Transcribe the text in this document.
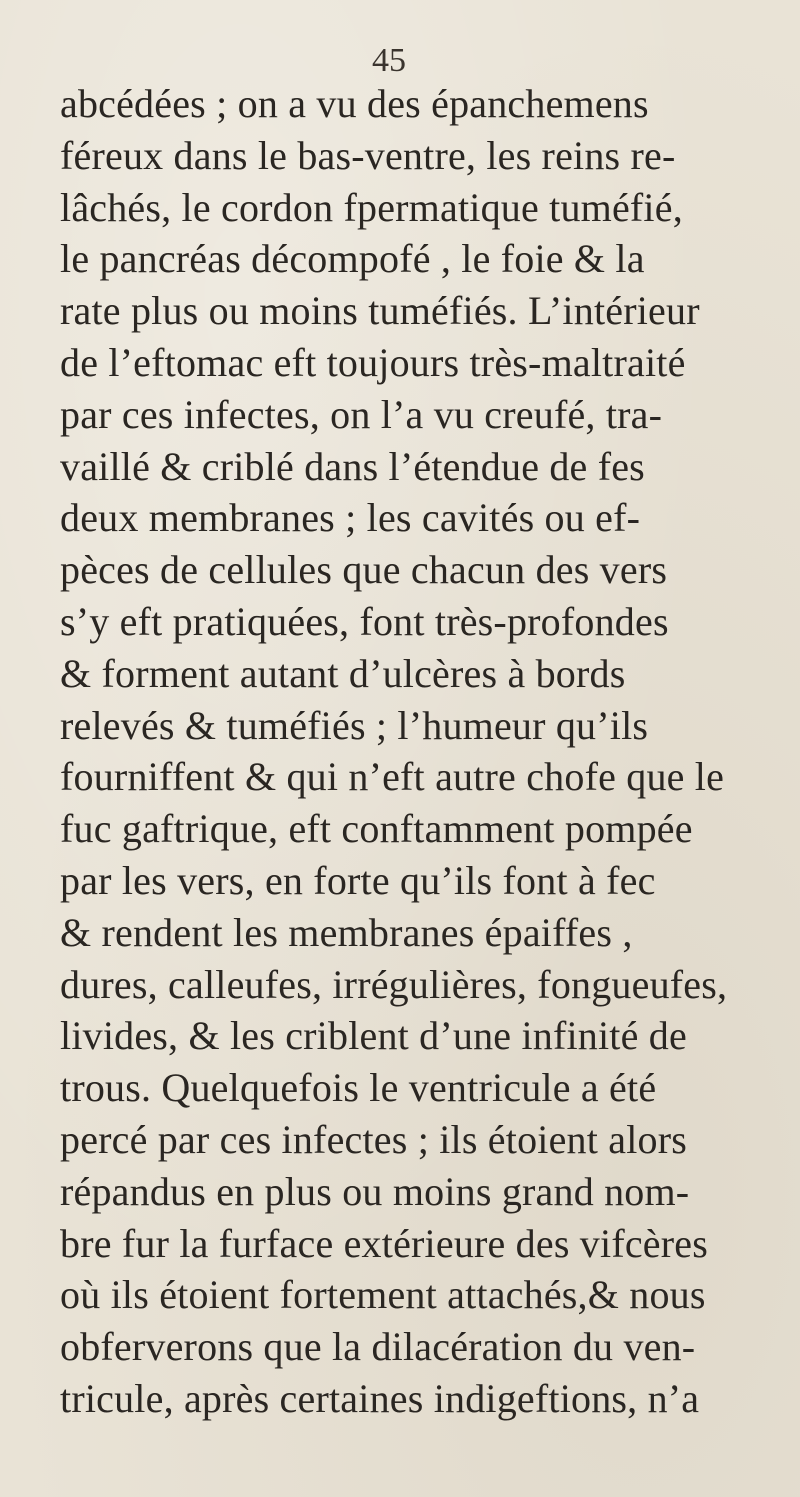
45
abcédées ; on a vu des épanchemens
féreux dans le bas-ventre, les reins re-
lâchés, le cordon fpermatique tuméfié,
le pancréas décompofé , le foie & la
rate plus ou moins tuméfiés. L’intérieur
de l’eftomac eft toujours très-maltraité
par ces infectes, on l’a vu creufé, tra-
vaillé & criblé dans l’étendue de fes
deux membranes ; les cavités ou ef-
pèces de cellules que chacun des vers
s’y eft pratiquées, font très-profondes
& forment autant d’ulcères à bords
relevés & tuméfiés ; l’humeur qu’ils
fourniffent & qui n’eft autre chofe que le
fuc gaftrique, eft conftamment pompée
par les vers, en forte qu’ils font à fec
& rendent les membranes épaiffes ,
dures, calleufes, irrégulières, fongueufes,
livides, & les criblent d’une infinité de
trous. Quelquefois le ventricule a été
percé par ces infectes ; ils étoient alors
répandus en plus ou moins grand nom-
bre fur la furface extérieure des vifcères
où ils étoient fortement attachés,& nous
obferverons que la dilacération du ven-
tricule, après certaines indigeftions, n’a
